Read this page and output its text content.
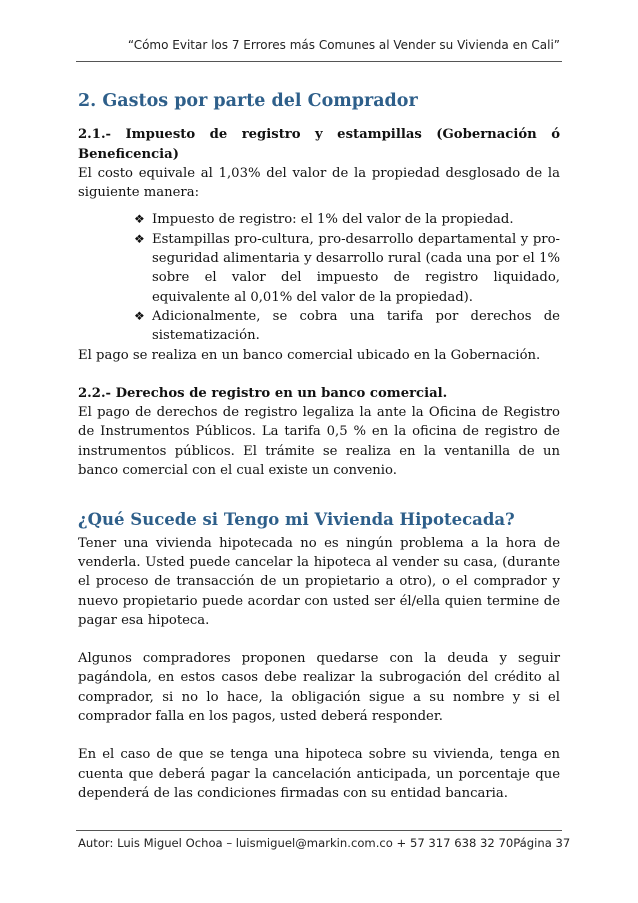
“Cómo Evitar los 7 Errores más Comunes al Vender su Vivienda en Cali”
2. Gastos por parte del Comprador

2.1.- Impuesto de registro y estampillas (Gobernación ó Beneficencia)

El costo equivale al 1,03% del valor de la propiedad desglosado de la siguiente manera:

❖ Impuesto de registro: el 1% del valor de la propiedad.
❖ Estampillas pro-cultura, pro-desarrollo departamental y pro-seguridad alimentaria y desarrollo rural (cada una por el 1% sobre el valor del impuesto de registro liquidado, equivalente al 0,01% del valor de la propiedad).
❖ Adicionalmente, se cobra una tarifa por derechos de sistematización.

El pago se realiza en un banco comercial ubicado en la Gobernación.

2.2.- Derechos de registro en un banco comercial.

El pago de derechos de registro legaliza la ante la Oficina de Registro de Instrumentos Públicos. La tarifa 0,5 % en la oficina de registro de instrumentos públicos. El trámite se realiza en la ventanilla de un banco comercial con el cual existe un convenio.

¿Qué Sucede si Tengo mi Vivienda Hipotecada?

Tener una vivienda hipotecada no es ningún problema a la hora de venderla. Usted puede cancelar la hipoteca al vender su casa, (durante el proceso de transacción de un propietario a otro), o el comprador y nuevo propietario puede acordar con usted ser él/ella quien termine de pagar esa hipoteca.

Algunos compradores proponen quedarse con la deuda y seguir pagándola, en estos casos debe realizar la subrogación del crédito al comprador, si no lo hace, la obligación sigue a su nombre y si el comprador falla en los pagos, usted deberá responder.

En el caso de que se tenga una hipoteca sobre su vivienda, tenga en cuenta que deberá pagar la cancelación anticipada, un porcentaje que dependerá de las condiciones firmadas con su entidad bancaria.

Autor: Luis Miguel Ochoa – luismiguel@markin.com.co + 57 317 638 32 70 Página 37
